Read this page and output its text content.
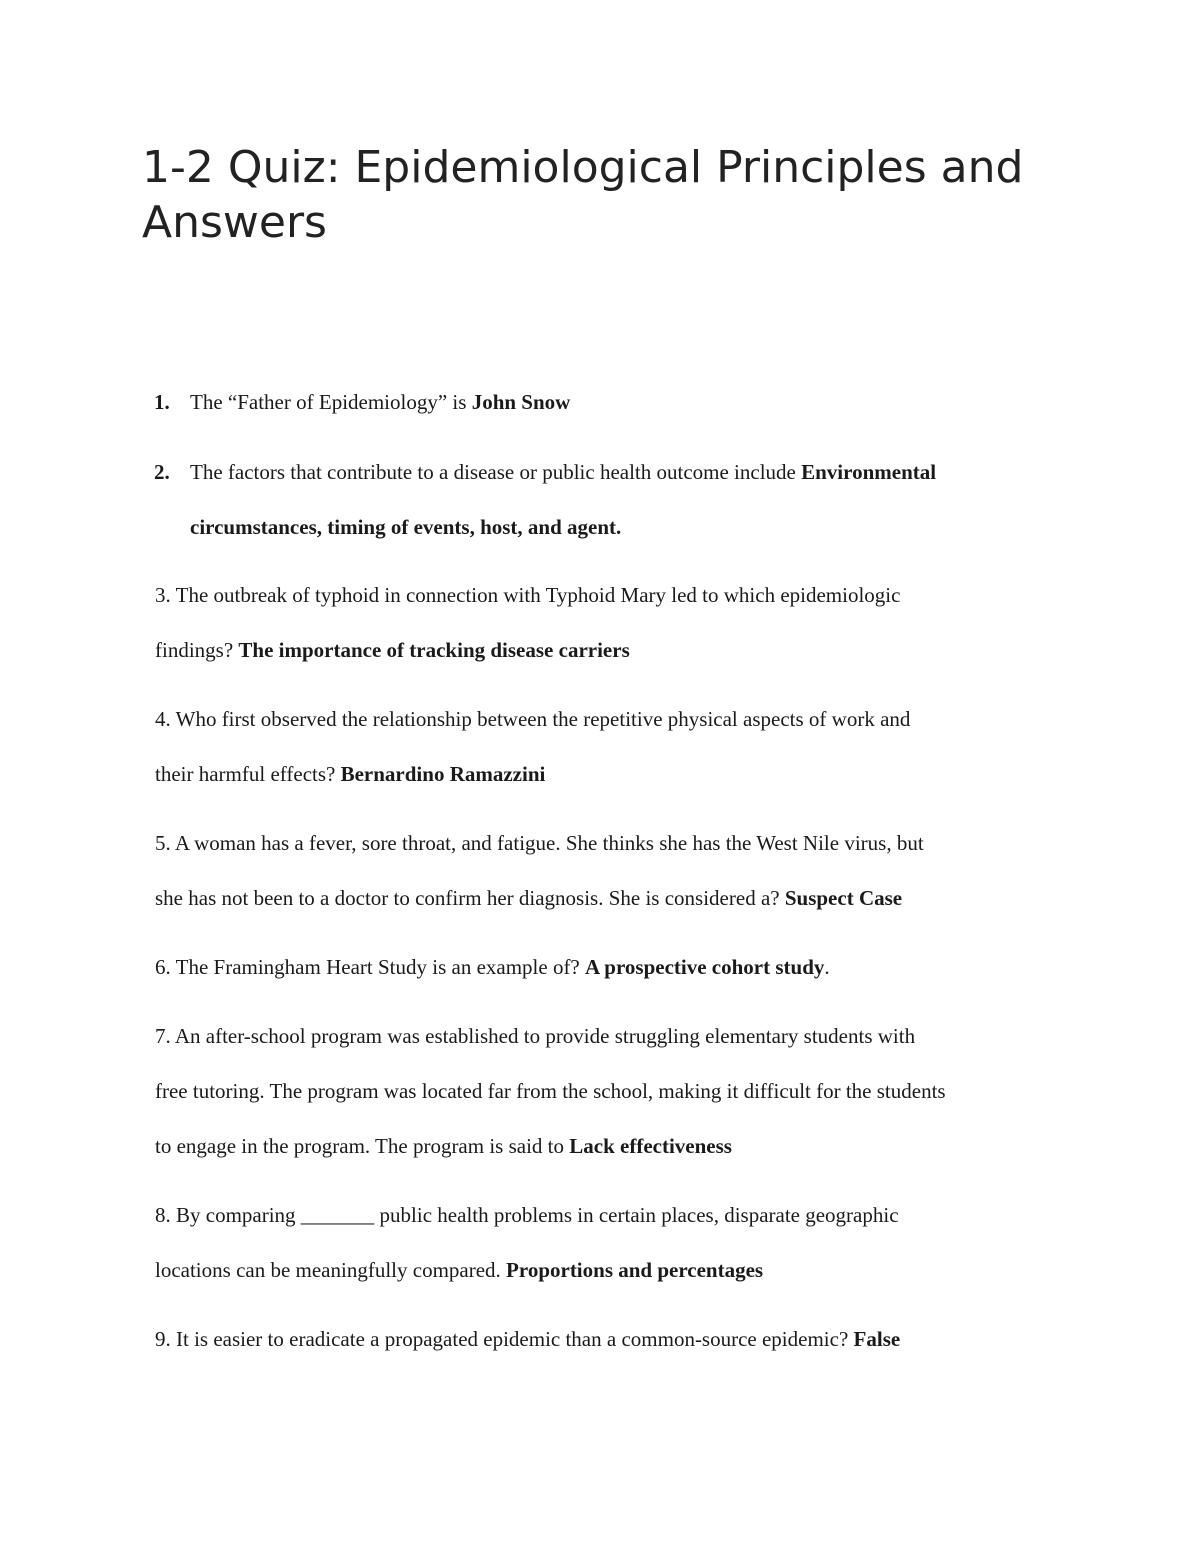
1-2 Quiz: Epidemiological Principles and Answers
1. The “Father of Epidemiology” is John Snow
2. The factors that contribute to a disease or public health outcome include Environmental
circumstances, timing of events, host, and agent.
3. The outbreak of typhoid in connection with Typhoid Mary led to which epidemiologic
findings? The importance of tracking disease carriers
4. Who first observed the relationship between the repetitive physical aspects of work and
their harmful effects? Bernardino Ramazzini
5. A woman has a fever, sore throat, and fatigue. She thinks she has the West Nile virus, but
she has not been to a doctor to confirm her diagnosis. She is considered a? Suspect Case
6. The Framingham Heart Study is an example of? A prospective cohort study.
7. An after-school program was established to provide struggling elementary students with
free tutoring. The program was located far from the school, making it difficult for the students
to engage in the program. The program is said to Lack effectiveness
8. By comparing _______ public health problems in certain places, disparate geographic
locations can be meaningfully compared. Proportions and percentages
9. It is easier to eradicate a propagated epidemic than a common-source epidemic? False
